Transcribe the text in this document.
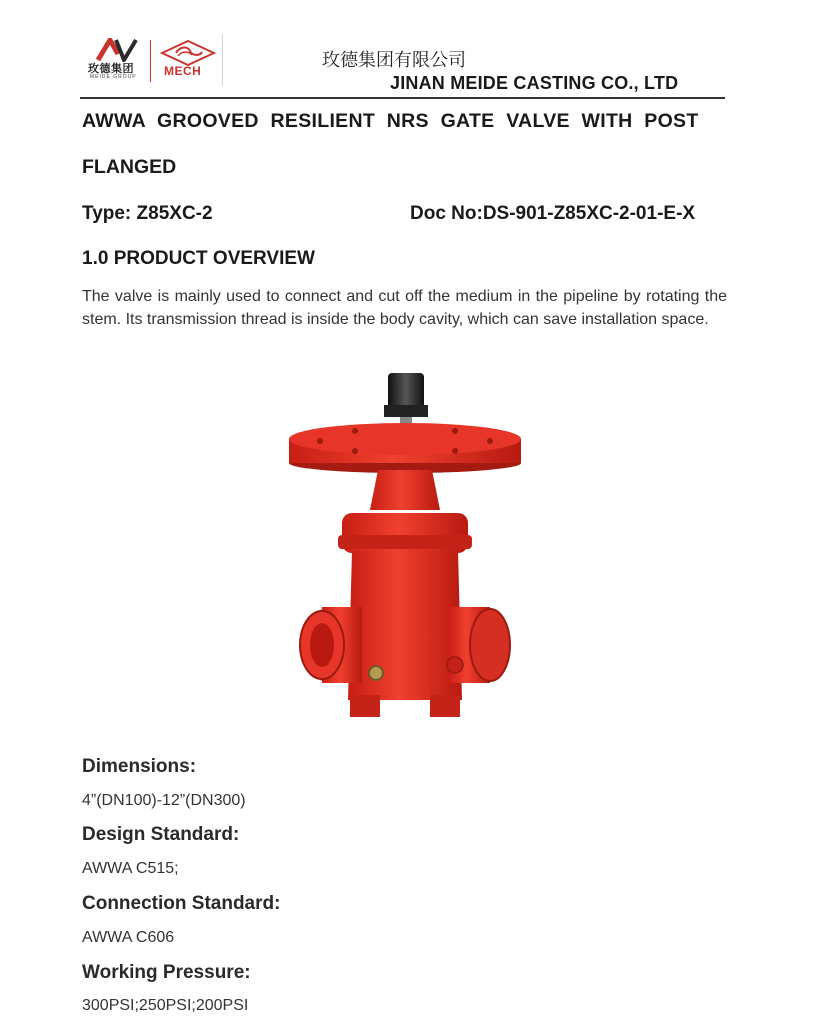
玫德集团
MEIDE GROUP MECH	玫德集团有限公司
JINAN MEIDE CASTING CO., LTD
AWWA GROOVED RESILIENT NRS GATE VALVE WITH POST
FLANGED
Type: Z85XC-2	Doc No:DS-901-Z85XC-2-01-E-X
1.0 PRODUCT OVERVIEW
The valve is mainly used to connect and cut off the medium in the pipeline by rotating the stem. Its transmission thread is inside the body cavity, which can save installation space.
Dimensions:
4”(DN100)-12”(DN300)
Design Standard:
AWWA C515;
Connection Standard:
AWWA C606
Working Pressure:
300PSI;250PSI;200PSI
